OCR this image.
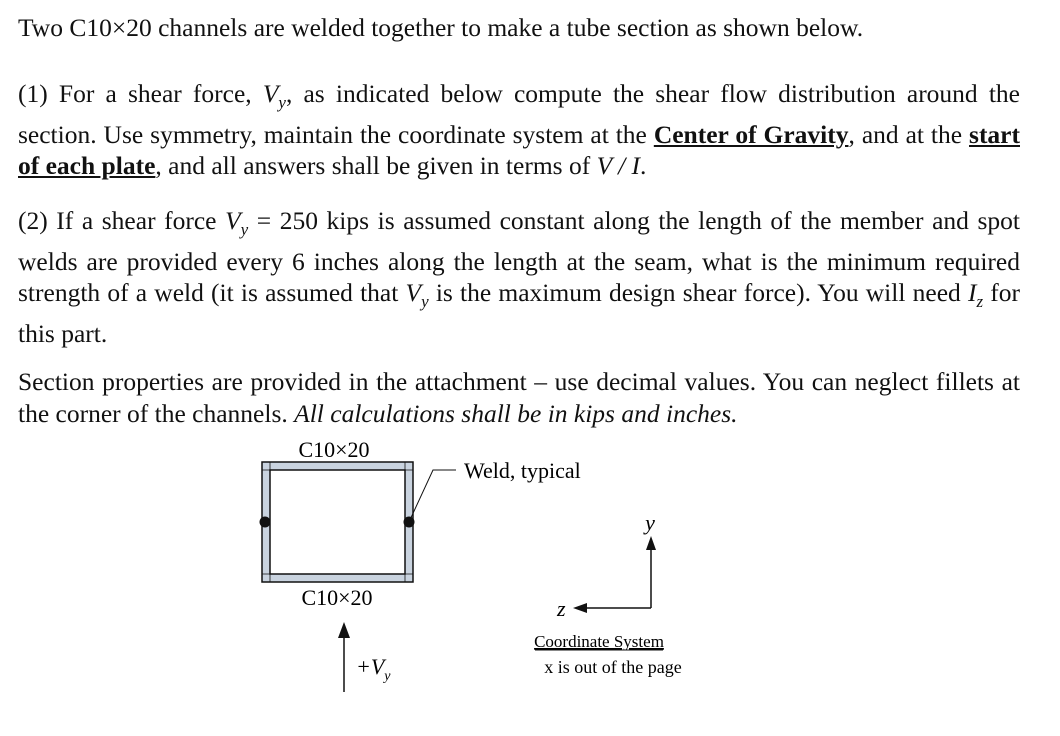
Two C10×20 channels are welded together to make a tube section as shown below.
(1) For a shear force, $V_y$, as indicated below compute the shear flow distribution around the section. Use symmetry, maintain the coordinate system at the Center of Gravity, and at the start of each plate, and all answers shall be given in terms of V / I.
(2) If a shear force $V_y = 250$ kips is assumed constant along the length of the member and spot welds are provided every 6 inches along the length at the seam, what is the minimum required strength of a weld (it is assumed that $V_y$ is the maximum design shear force). You will need $I_z$ for this part.
Section properties are provided in the attachment – use decimal values. You can neglect fillets at the corner of the channels. All calculations shall be in kips and inches.
C10×20
Weld, typical
C10×20
$+V_y$
y
z
Coordinate System
x is out of the page
